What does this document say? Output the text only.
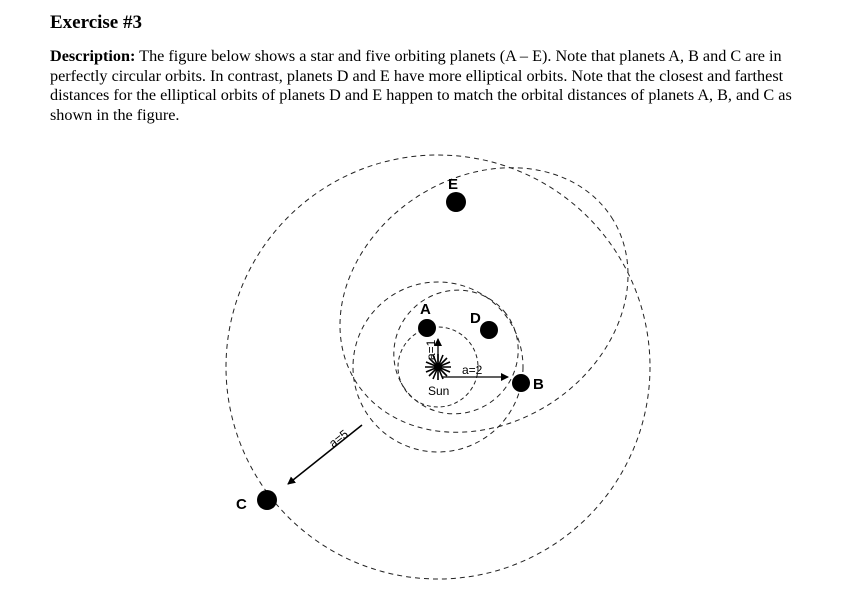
Exercise #3

Description: The figure below shows a star and five orbiting planets (A – E). Note that planets A, B and C are in perfectly circular orbits. In contrast, planets D and E have more elliptical orbits. Note that the closest and farthest distances for the elliptical orbits of planets D and E happen to match the orbital distances of planets A, B, and C as shown in the figure.

E
A
D
B
C
Sun
a=1
a=2
a=5
